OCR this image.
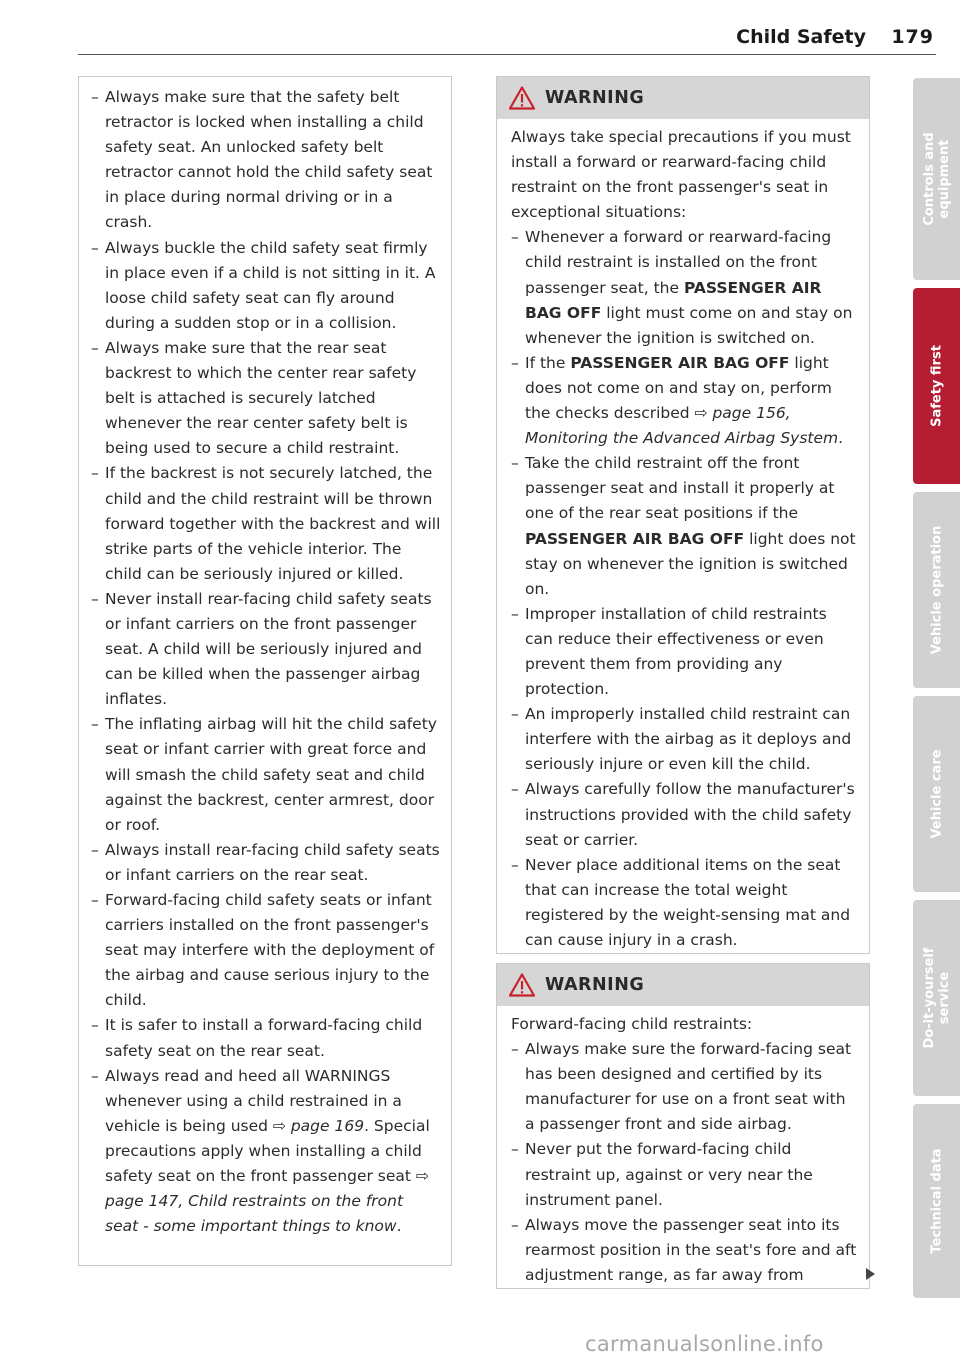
Child Safety 179
– Always make sure that the safety belt retractor is locked when installing a child safety seat. An unlocked safety belt retractor cannot hold the child safety seat in place during normal driving or in a crash.
– Always buckle the child safety seat firmly in place even if a child is not sitting in it. A loose child safety seat can fly around during a sudden stop or in a collision.
– Always make sure that the rear seat backrest to which the center rear safety belt is attached is securely latched whenever the rear center safety belt is being used to secure a child restraint.
– If the backrest is not securely latched, the child and the child restraint will be thrown forward together with the backrest and will strike parts of the vehicle interior. The child can be seriously injured or killed.
– Never install rear-facing child safety seats or infant carriers on the front passenger seat. A child will be seriously injured and can be killed when the passenger airbag inflates.
– The inflating airbag will hit the child safety seat or infant carrier with great force and will smash the child safety seat and child against the backrest, center armrest, door or roof.
– Always install rear-facing child safety seats or infant carriers on the rear seat.
– Forward-facing child safety seats or infant carriers installed on the front passenger's seat may interfere with the deployment of the airbag and cause serious injury to the child.
– It is safer to install a forward-facing child safety seat on the rear seat.
– Always read and heed all WARNINGS whenever using a child restrained in a vehicle is being used ⇨ page 169. Special precautions apply when installing a child safety seat on the front passenger seat ⇨ page 147, Child restraints on the front seat - some important things to know.
WARNING

Always take special precautions if you must install a forward or rearward-facing child restraint on the front passenger's seat in exceptional situations:

– Whenever a forward or rearward-facing child restraint is installed on the front passenger seat, the PASSENGER AIR BAG OFF light must come on and stay on whenever the ignition is switched on.
– If the PASSENGER AIR BAG OFF light does not come on and stay on, perform the checks described ⇨ page 156, Monitoring the Advanced Airbag System.
– Take the child restraint off the front passenger seat and install it properly at one of the rear seat positions if the PASSENGER AIR BAG OFF light does not stay on whenever the ignition is switched on.
– Improper installation of child restraints can reduce their effectiveness or even prevent them from providing any protection.
– An improperly installed child restraint can interfere with the airbag as it deploys and seriously injure or even kill the child.
– Always carefully follow the manufacturer's instructions provided with the child safety seat or carrier.
– Never place additional items on the seat that can increase the total weight registered by the weight-sensing mat and can cause injury in a crash.
WARNING

Forward-facing child restraints:

– Always make sure the forward-facing seat has been designed and certified by its manufacturer for use on a front seat with a passenger front and side airbag.
– Never put the forward-facing child restraint up, against or very near the instrument panel.
– Always move the passenger seat into its rearmost position in the seat's fore and aft adjustment range, as far away from
Controls and equipment
Safety first
Vehicle operation
Vehicle care
Do-it-yourself service
Technical data
carmanualsonline.info
